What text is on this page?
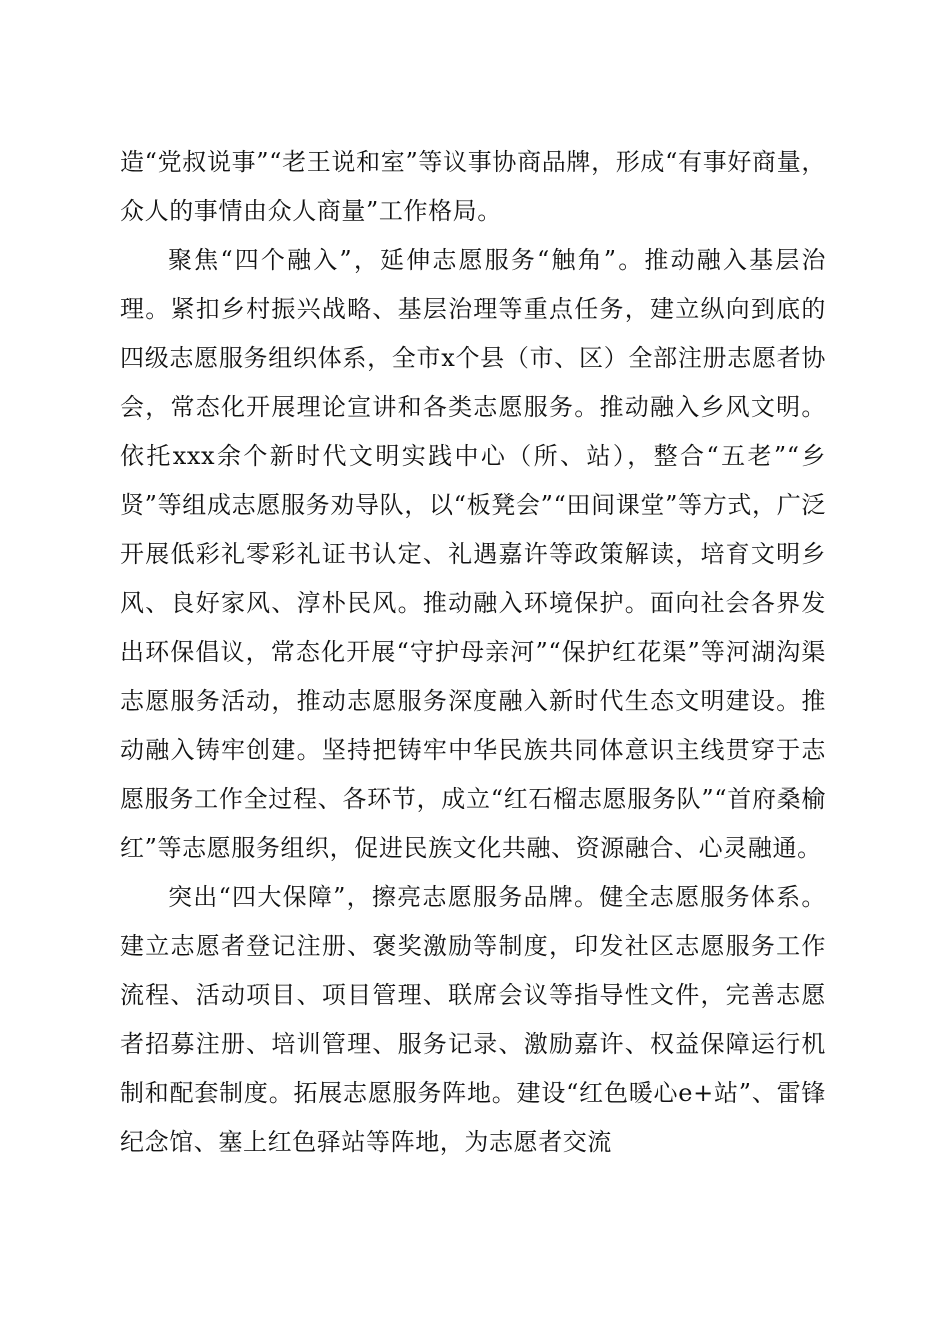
造“党叔说事”“老王说和室”等议事协商品牌，形成“有事好商量，众人的事情由众人商量”工作格局。

聚焦“四个融入”，延伸志愿服务“触角”。推动融入基层治理。紧扣乡村振兴战略、基层治理等重点任务，建立纵向到底的四级志愿服务组织体系，全市x个县（市、区）全部注册志愿者协会，常态化开展理论宣讲和各类志愿服务。推动融入乡风文明。依托xxx余个新时代文明实践中心（所、站），整合“五老”“乡贤”等组成志愿服务劝导队，以“板凳会”“田间课堂”等方式，广泛开展低彩礼零彩礼证书认定、礼遇嘉许等政策解读，培育文明乡风、良好家风、淳朴民风。推动融入环境保护。面向社会各界发出环保倡议，常态化开展“守护母亲河”“保护红花渠”等河湖沟渠志愿服务活动，推动志愿服务深度融入新时代生态文明建设。推动融入铸牢创建。坚持把铸牢中华民族共同体意识主线贯穿于志愿服务工作全过程、各环节，成立“红石榴志愿服务队”“首府桑榆红”等志愿服务组织，促进民族文化共融、资源融合、心灵融通。

突出“四大保障”，擦亮志愿服务品牌。健全志愿服务体系。建立志愿者登记注册、褒奖激励等制度，印发社区志愿服务工作流程、活动项目、项目管理、联席会议等指导性文件，完善志愿者招募注册、培训管理、服务记录、激励嘉许、权益保障运行机制和配套制度。拓展志愿服务阵地。建设“红色暖心e+站”、雷锋纪念馆、塞上红色驿站等阵地，为志愿者交流
